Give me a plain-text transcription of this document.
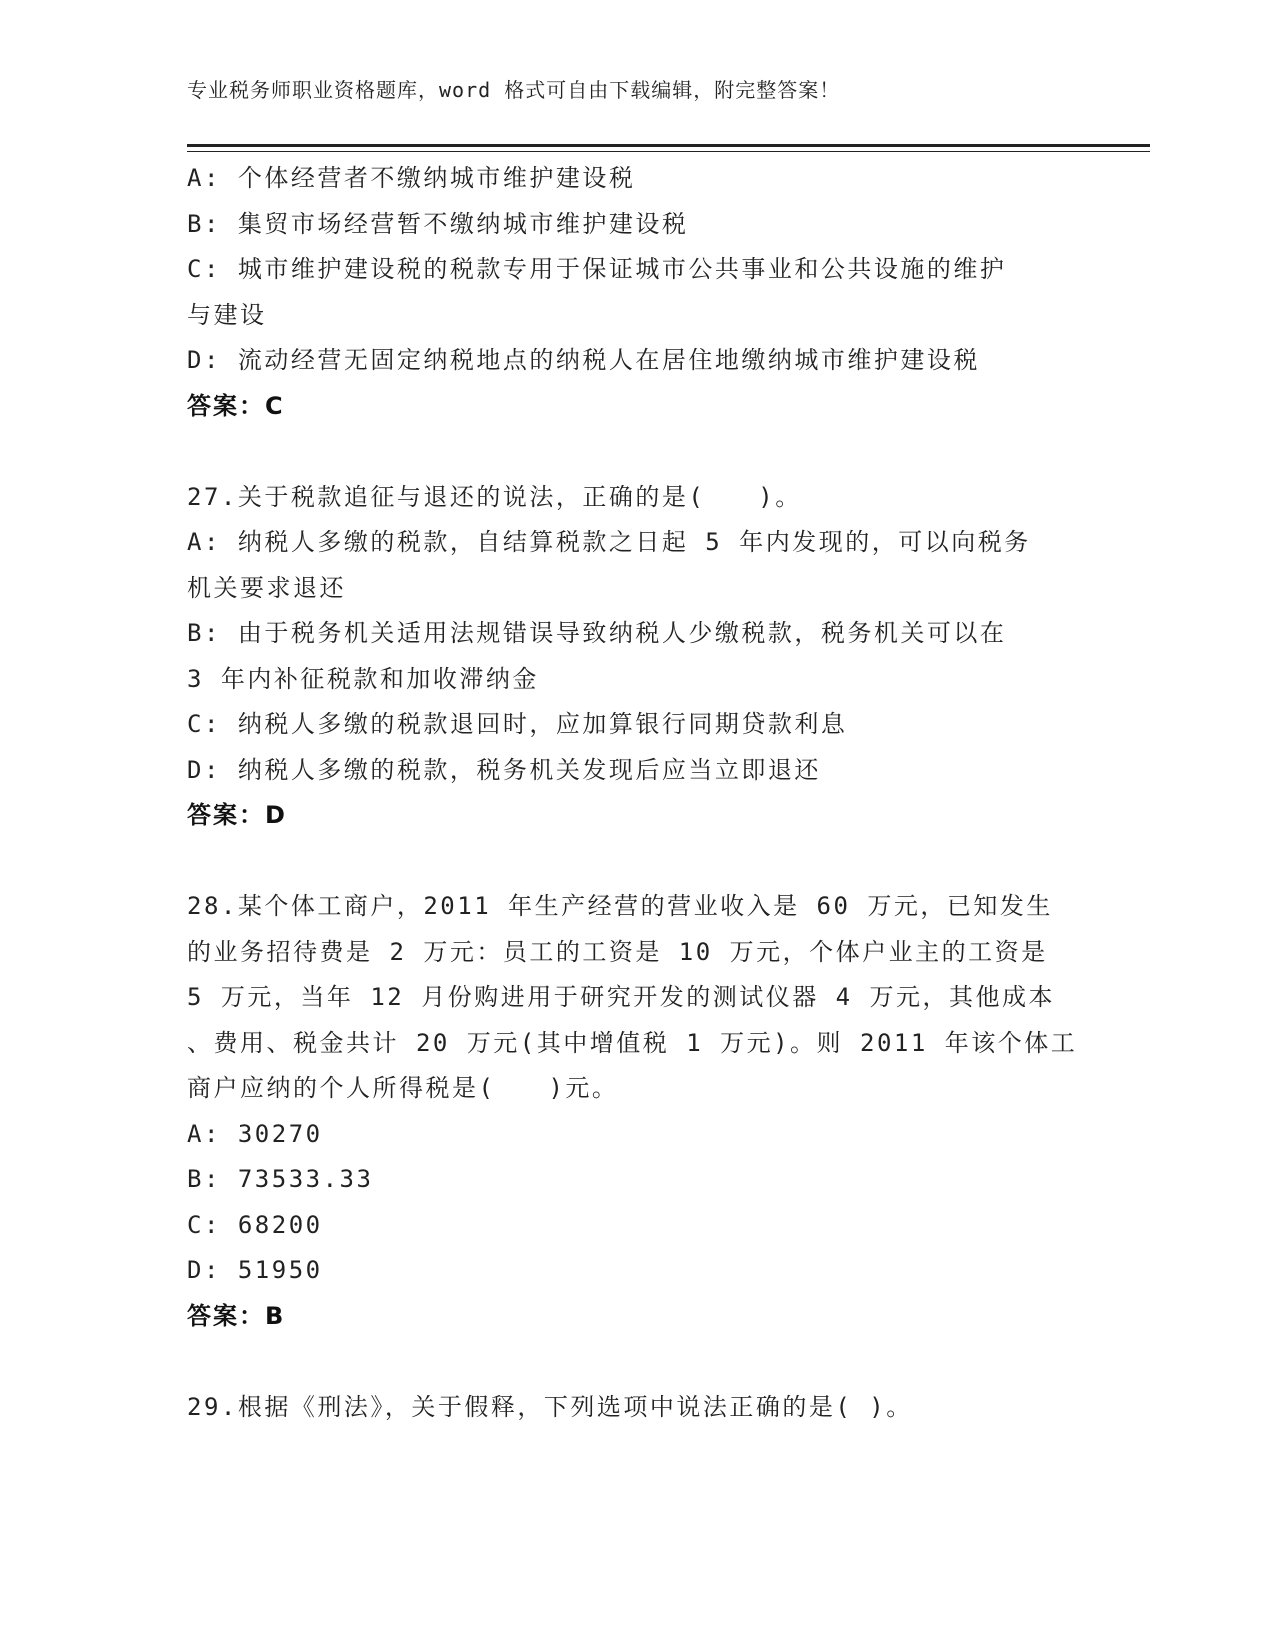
专业税务师职业资格题库，word 格式可自由下载编辑，附完整答案！
A: 个体经营者不缴纳城市维护建设税
B: 集贸市场经营暂不缴纳城市维护建设税
C: 城市维护建设税的税款专用于保证城市公共事业和公共设施的维护
与建设
D: 流动经营无固定纳税地点的纳税人在居住地缴纳城市维护建设税
答案：C
27.关于税款追征与退还的说法，正确的是(　　)。
A: 纳税人多缴的税款，自结算税款之日起 5 年内发现的，可以向税务
机关要求退还
B: 由于税务机关适用法规错误导致纳税人少缴税款，税务机关可以在
3 年内补征税款和加收滞纳金
C: 纳税人多缴的税款退回时，应加算银行同期贷款利息
D: 纳税人多缴的税款，税务机关发现后应当立即退还
答案：D
28.某个体工商户，2011 年生产经营的营业收入是 60 万元，已知发生
的业务招待费是 2 万元：员工的工资是 10 万元，个体户业主的工资是
5 万元，当年 12 月份购进用于研究开发的测试仪器 4 万元，其他成本
、费用、税金共计 20 万元(其中增值税 1 万元)。则 2011 年该个体工
商户应纳的个人所得税是(　　)元。
A: 30270
B: 73533.33
C: 68200
D: 51950
答案：B
29.根据《刑法》，关于假释，下列选项中说法正确的是( )。
